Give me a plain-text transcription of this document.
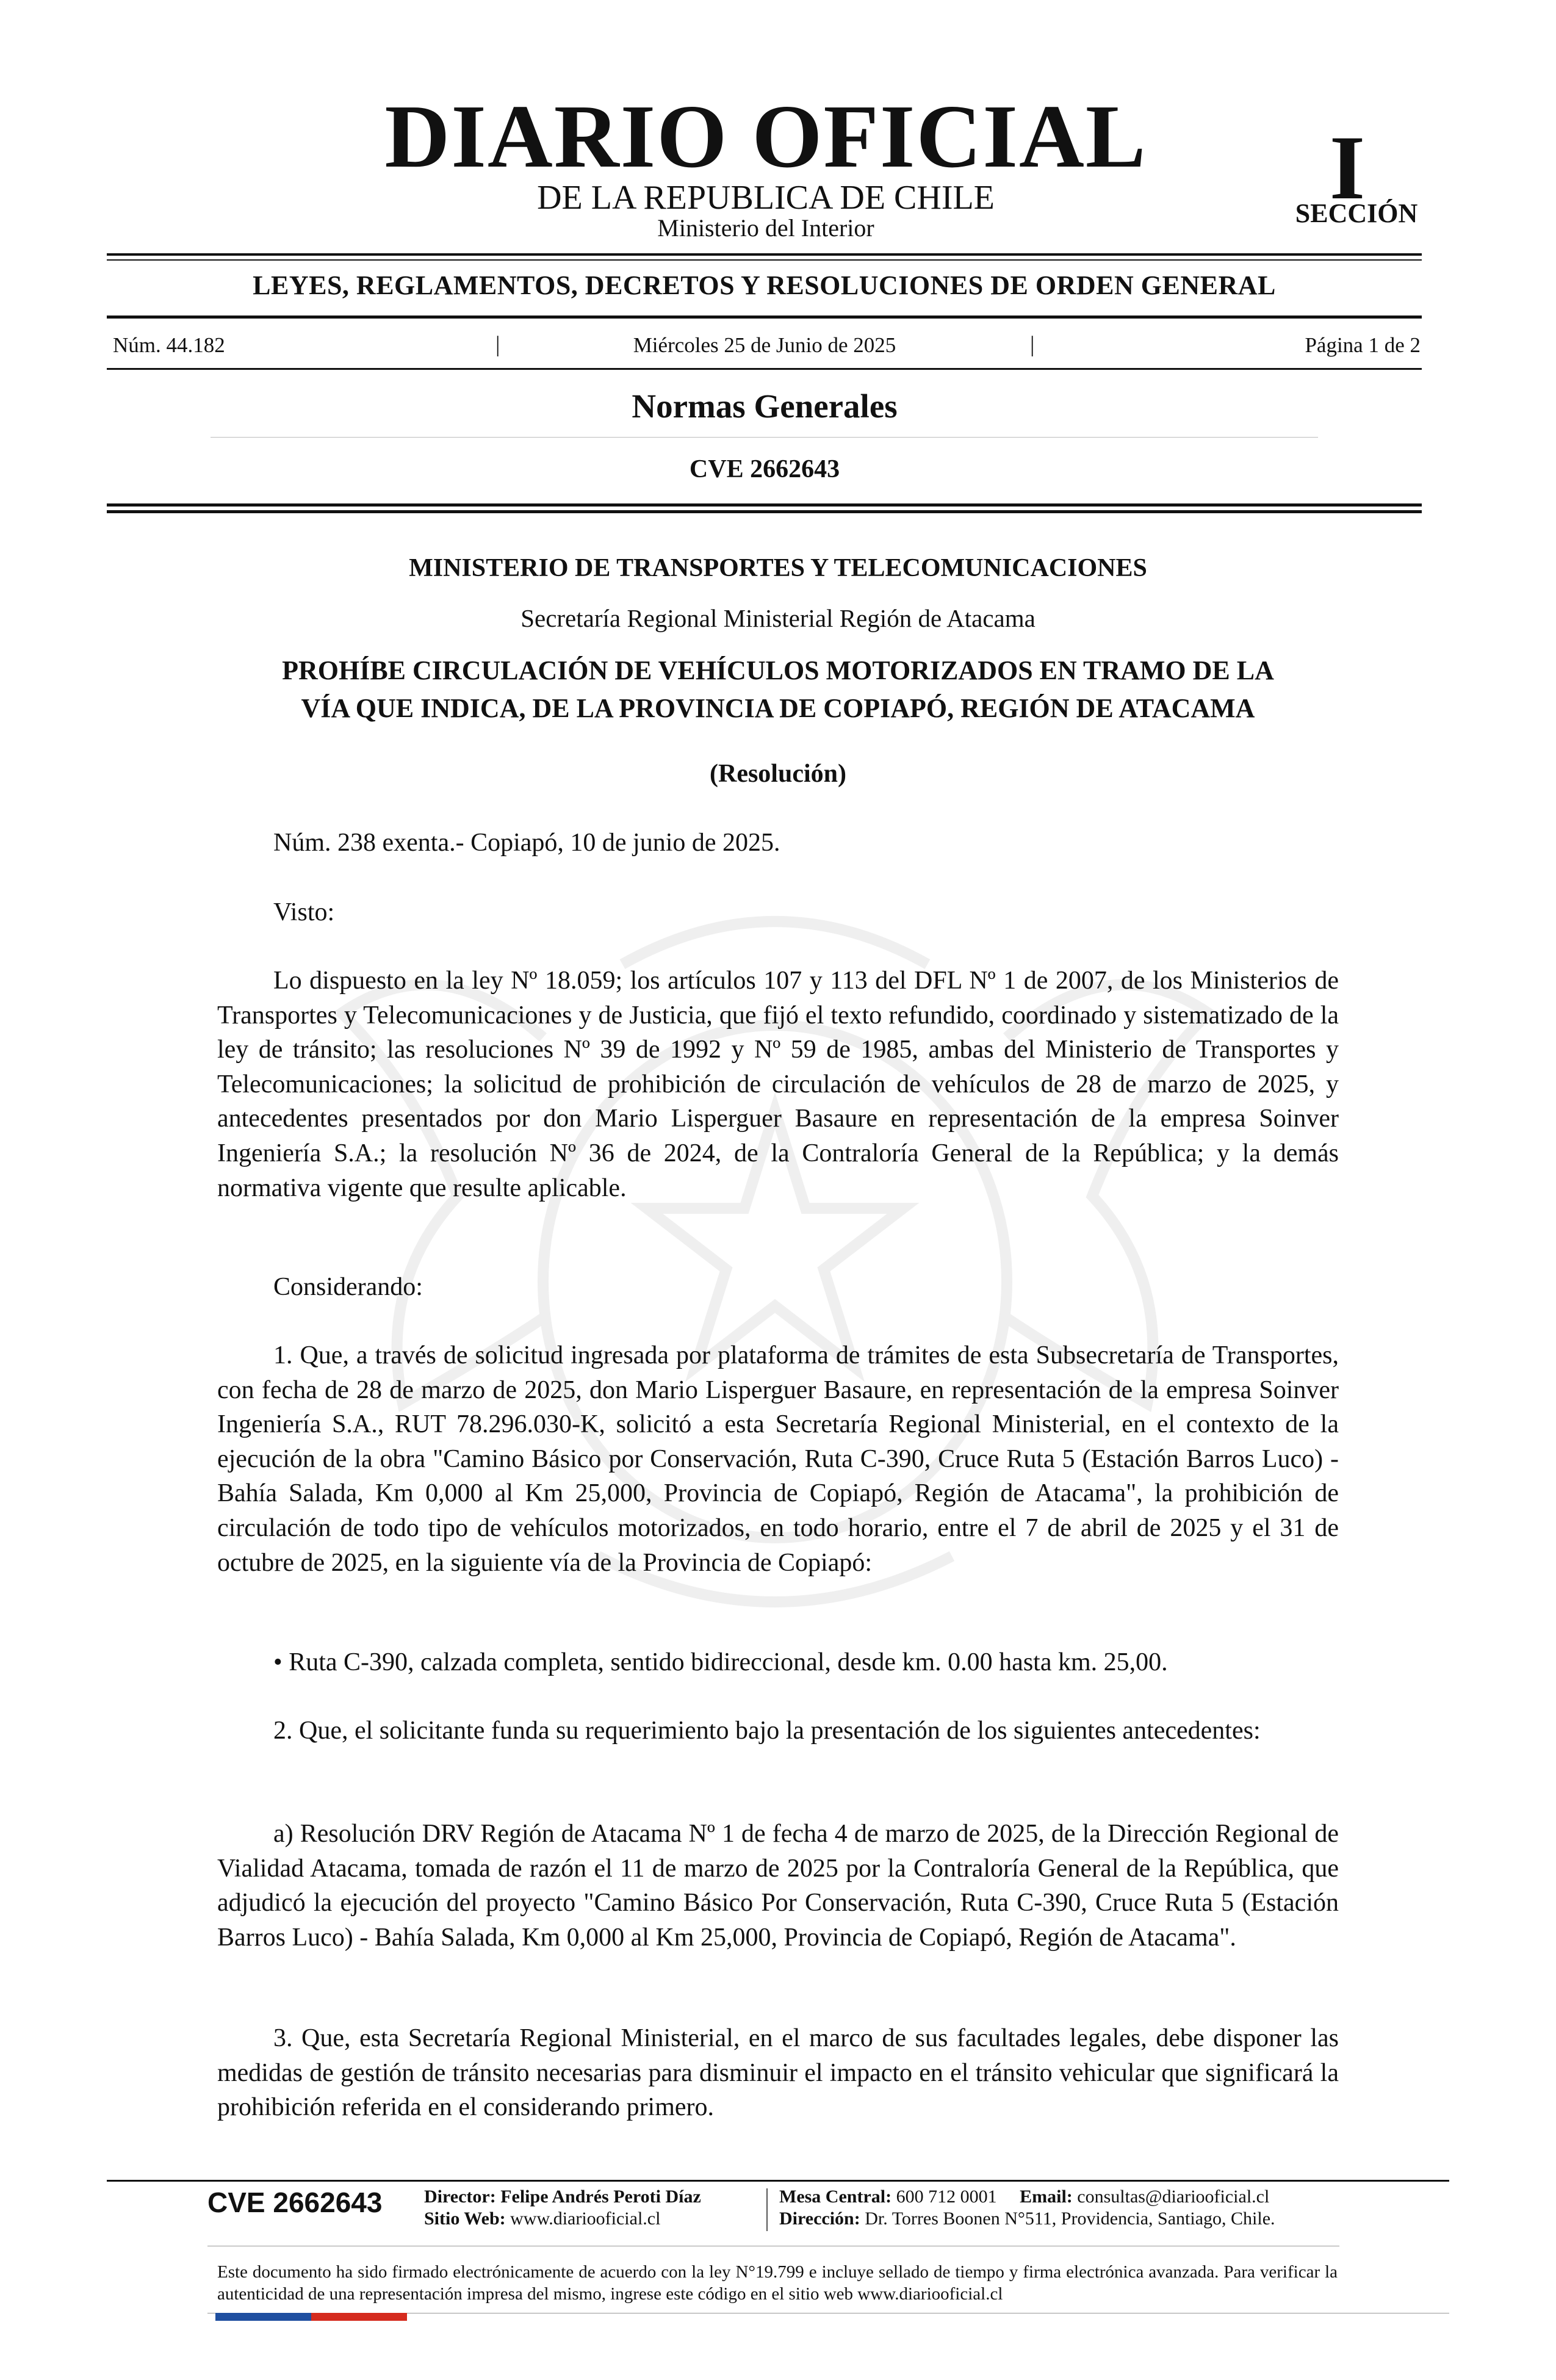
DIARIO OFICIAL
DE LA REPUBLICA DE CHILE
Ministerio del Interior
I
SECCIÓN
LEYES, REGLAMENTOS, DECRETOS Y RESOLUCIONES DE ORDEN GENERAL
Núm. 44.182	|	Miércoles 25 de Junio de 2025	|	Página 1 de 2
Normas Generales
CVE 2662643
MINISTERIO DE TRANSPORTES Y TELECOMUNICACIONES
Secretaría Regional Ministerial Región de Atacama
PROHÍBE CIRCULACIÓN DE VEHÍCULOS MOTORIZADOS EN TRAMO DE LA
VÍA QUE INDICA, DE LA PROVINCIA DE COPIAPÓ, REGIÓN DE ATACAMA
(Resolución)
Núm. 238 exenta.- Copiapó, 10 de junio de 2025.
Visto:
Lo dispuesto en la ley Nº 18.059; los artículos 107 y 113 del DFL Nº 1 de 2007, de los Ministerios de Transportes y Telecomunicaciones y de Justicia, que fijó el texto refundido, coordinado y sistematizado de la ley de tránsito; las resoluciones Nº 39 de 1992 y Nº 59 de 1985, ambas del Ministerio de Transportes y Telecomunicaciones; la solicitud de prohibición de circulación de vehículos de 28 de marzo de 2025, y antecedentes presentados por don Mario Lisperguer Basaure en representación de la empresa Soinver Ingeniería S.A.; la resolución Nº 36 de 2024, de la Contraloría General de la República; y la demás normativa vigente que resulte aplicable.
Considerando:
1. Que, a través de solicitud ingresada por plataforma de trámites de esta Subsecretaría de Transportes, con fecha de 28 de marzo de 2025, don Mario Lisperguer Basaure, en representación de la empresa Soinver Ingeniería S.A., RUT 78.296.030-K, solicitó a esta Secretaría Regional Ministerial, en el contexto de la ejecución de la obra "Camino Básico por Conservación, Ruta C-390, Cruce Ruta 5 (Estación Barros Luco) - Bahía Salada, Km 0,000 al Km 25,000, Provincia de Copiapó, Región de Atacama", la prohibición de circulación de todo tipo de vehículos motorizados, en todo horario, entre el 7 de abril de 2025 y el 31 de octubre de 2025, en la siguiente vía de la Provincia de Copiapó:
• Ruta C-390, calzada completa, sentido bidireccional, desde km. 0.00 hasta km. 25,00.
2. Que, el solicitante funda su requerimiento bajo la presentación de los siguientes antecedentes:
a) Resolución DRV Región de Atacama Nº 1 de fecha 4 de marzo de 2025, de la Dirección Regional de Vialidad Atacama, tomada de razón el 11 de marzo de 2025 por la Contraloría General de la República, que adjudicó la ejecución del proyecto "Camino Básico Por Conservación, Ruta C-390, Cruce Ruta 5 (Estación Barros Luco) - Bahía Salada, Km 0,000 al Km 25,000, Provincia de Copiapó, Región de Atacama".
3. Que, esta Secretaría Regional Ministerial, en el marco de sus facultades legales, debe disponer las medidas de gestión de tránsito necesarias para disminuir el impacto en el tránsito vehicular que significará la prohibición referida en el considerando primero.
CVE 2662643 Director: Felipe Andrés Peroti Díaz
Sitio Web: www.diariooficial.cl
Mesa Central: 600 712 0001 Email: consultas@diariooficial.cl
Dirección: Dr. Torres Boonen N°511, Providencia, Santiago, Chile.
Este documento ha sido firmado electrónicamente de acuerdo con la ley N°19.799 e incluye sellado de tiempo y firma electrónica avanzada. Para verificar la autenticidad de una representación impresa del mismo, ingrese este código en el sitio web www.diariooficial.cl
